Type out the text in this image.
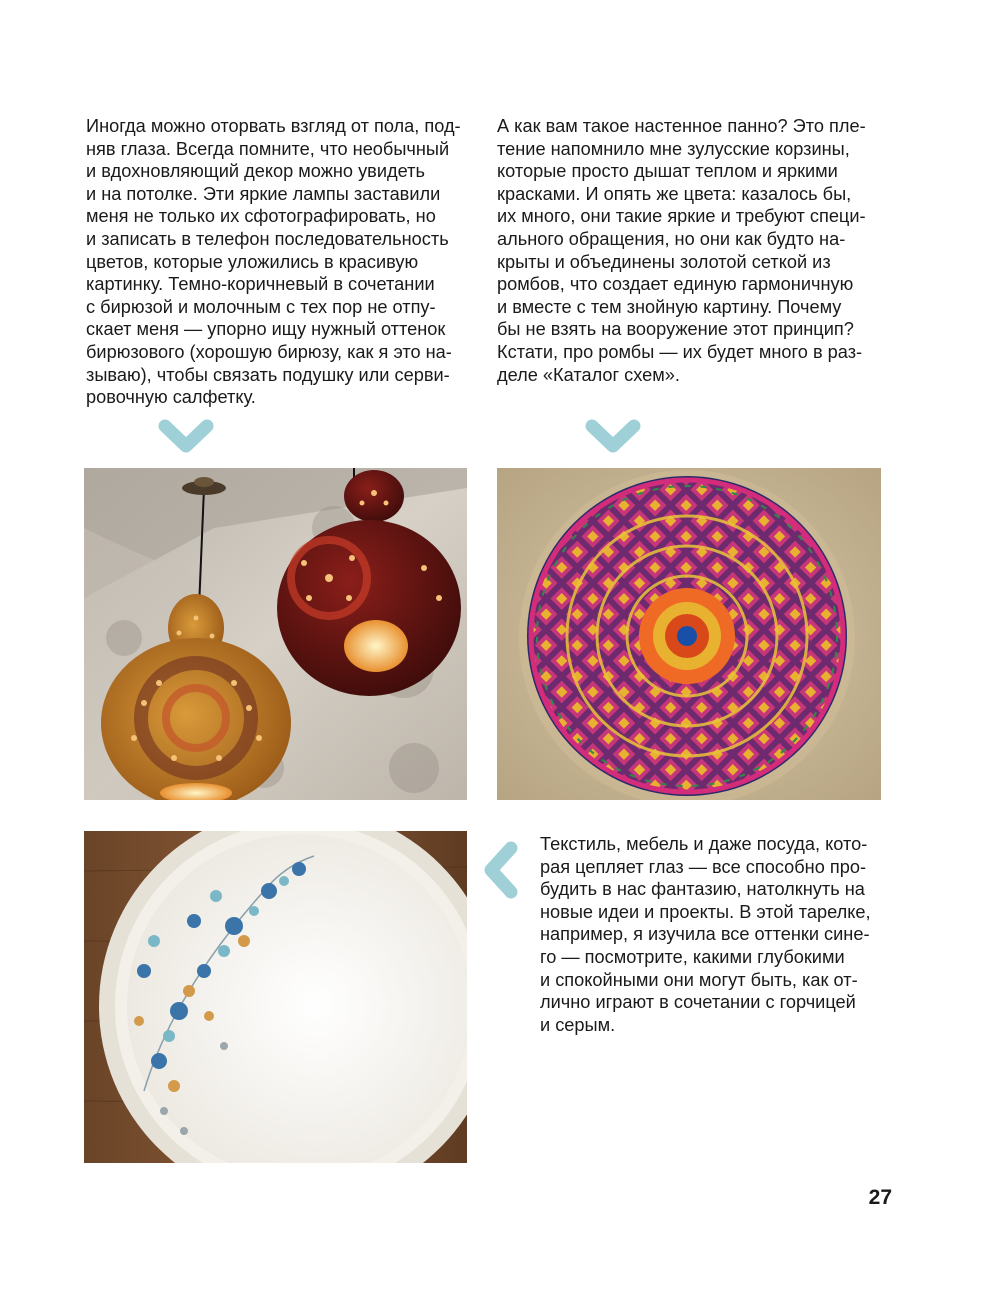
Иногда можно оторвать взгляд от пола, под-
няв глаза. Всегда помните, что необычный
и вдохновляющий декор можно увидеть
и на потолке. Эти яркие лампы заставили
меня не только их сфотографировать, но
и записать в телефон последовательность
цветов, которые уложились в красивую
картинку. Темно-коричневый в сочетании
с бирюзой и молочным с тех пор не отпу-
скает меня — упорно ищу нужный оттенок
бирюзового (хорошую бирюзу, как я это на-
зываю), чтобы связать подушку или серви-
ровочную салфетку.
А как вам такое настенное панно? Это пле-
тение напомнило мне зулусские корзины,
которые просто дышат теплом и яркими
красками. И опять же цвета: казалось бы,
их много, они такие яркие и требуют специ-
ального обращения, но они как будто на-
крыты и объединены золотой сеткой из
ромбов, что создает единую гармоничную
и вместе с тем знойную картину. Почему
бы не взять на вооружение этот принцип?
Кстати, про ромбы — их будет много в раз-
деле «Каталог схем».
Текстиль, мебель и даже посуда, кото-
рая цепляет глаз — все способно про-
будить в нас фантазию, натолкнуть на
новые идеи и проекты. В этой тарелке,
например, я изучила все оттенки сине-
го — посмотрите, какими глубокими
и спокойными они могут быть, как от-
лично играют в сочетании с горчицей
и серым.
27
